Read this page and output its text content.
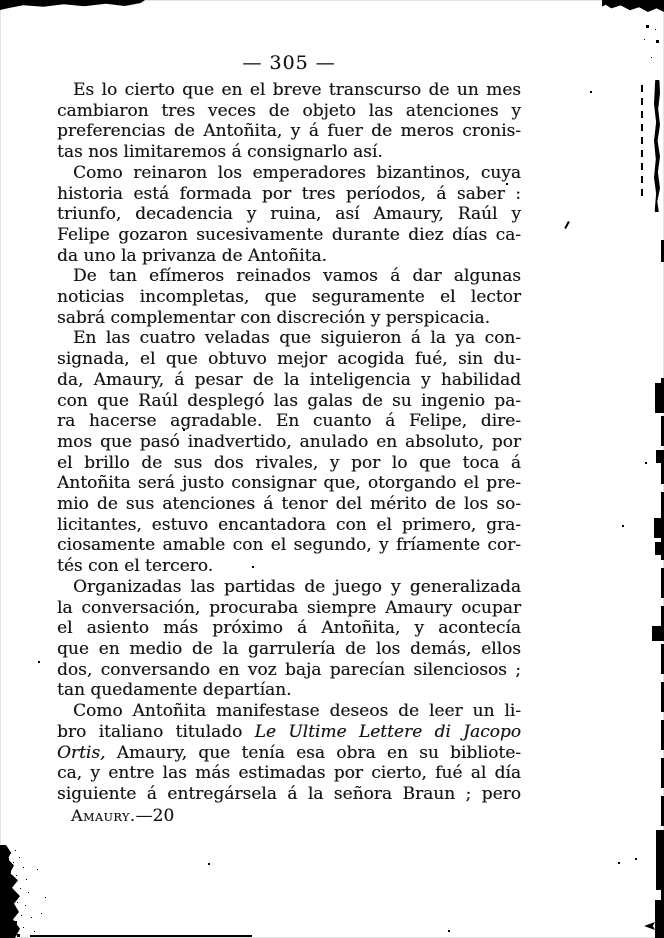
— 305 —
Es lo cierto que en el breve transcurso de un mes
cambiaron tres veces de objeto las atenciones y
preferencias de Antoñita, y á fuer de meros cronis-
tas nos limitaremos á consignarlo así.
Como reinaron los emperadores bizantinos, cuya
historia está formada por tres períodos, á saber :
triunfo, decadencia y ruina, así Amaury, Raúl y
Felipe gozaron sucesivamente durante diez días ca-
da uno la privanza de Antoñita.
De tan efímeros reinados vamos á dar algunas
noticias incompletas, que seguramente el lector
sabrá complementar con discreción y perspicacia.
En las cuatro veladas que siguieron á la ya con-
signada, el que obtuvo mejor acogida fué, sin du-
da, Amaury, á pesar de la inteligencia y habilidad
con que Raúl desplegó las galas de su ingenio pa-
ra hacerse agradable. En cuanto á Felipe, dire-
mos que pasó inadvertido, anulado en absoluto, por
el brillo de sus dos rivales, y por lo que toca á
Antoñita será justo consignar que, otorgando el pre-
mio de sus atenciones á tenor del mérito de los so-
licitantes, estuvo encantadora con el primero, gra-
ciosamente amable con el segundo, y fríamente cor-
tés con el tercero.
Organizadas las partidas de juego y generalizada
la conversación, procuraba siempre Amaury ocupar
el asiento más próximo á Antoñita, y acontecía
que en medio de la garrulería de los demás, ellos
dos, conversando en voz baja parecían silenciosos ;
tan quedamente departían.
Como Antoñita manifestase deseos de leer un li-
bro italiano titulado Le Ultime Lettere di Jacopo
Ortis, Amaury, que tenía esa obra en su bibliote-
ca, y entre las más estimadas por cierto, fué al día
siguiente á entregársela á la señora Braun ; pero
Amaury.—20
